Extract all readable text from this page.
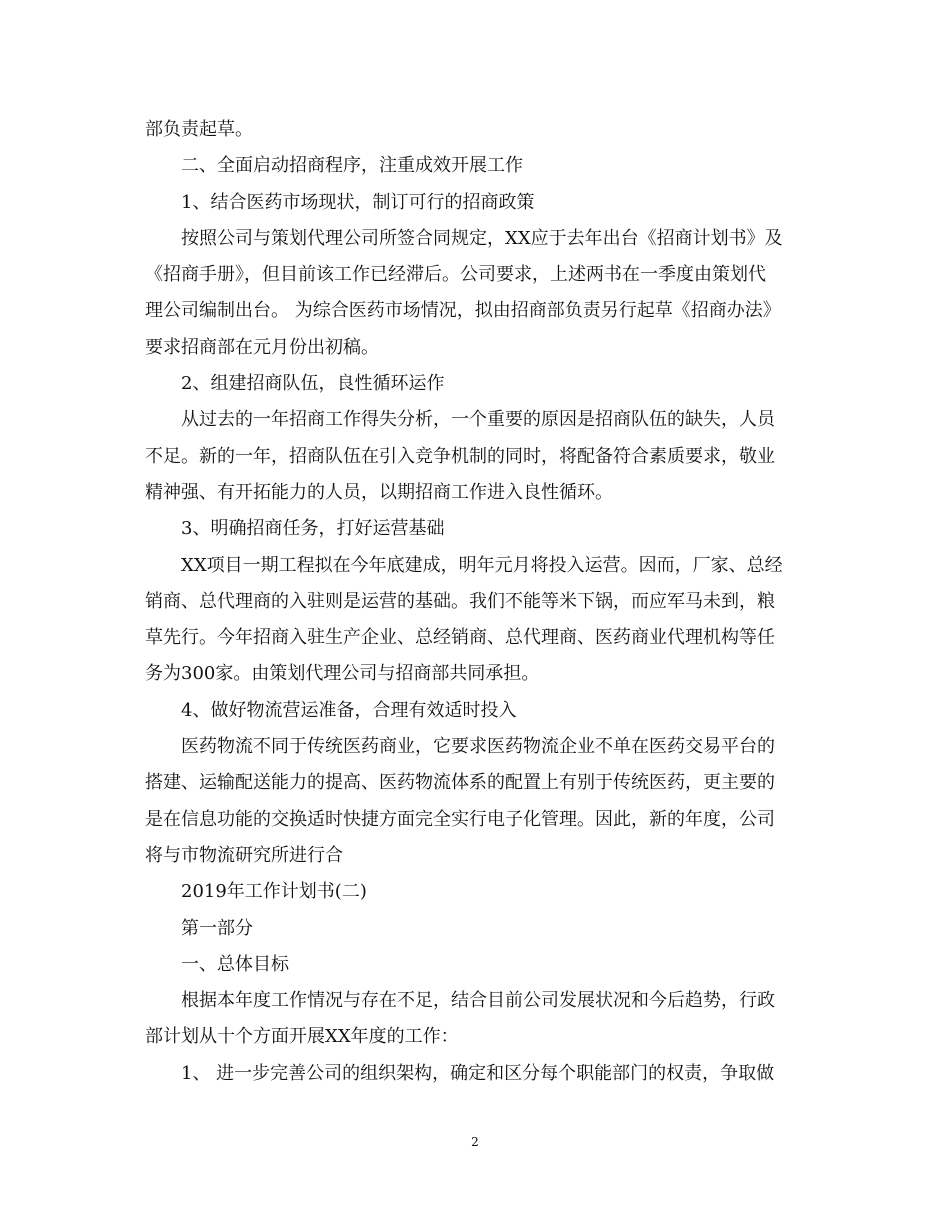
部负责起草。
二、全面启动招商程序，注重成效开展工作
1、结合医药市场现状，制订可行的招商政策
按照公司与策划代理公司所签合同规定，XX应于去年出台《招商计划书》及
《招商手册》，但目前该工作已经滞后。公司要求，上述两书在一季度由策划代
理公司编制出台。 为综合医药市场情况，拟由招商部负责另行起草《招商办法》
要求招商部在元月份出初稿。
2、组建招商队伍，良性循环运作
从过去的一年招商工作得失分析，一个重要的原因是招商队伍的缺失，人员
不足。新的一年，招商队伍在引入竞争机制的同时，将配备符合素质要求，敬业
精神强、有开拓能力的人员，以期招商工作进入良性循环。
3、明确招商任务，打好运营基础
XX项目一期工程拟在今年底建成，明年元月将投入运营。因而，厂家、总经
销商、总代理商的入驻则是运营的基础。我们不能等米下锅，而应军马未到，粮
草先行。今年招商入驻生产企业、总经销商、总代理商、医药商业代理机构等任
务为300家。由策划代理公司与招商部共同承担。
4、做好物流营运准备，合理有效适时投入
医药物流不同于传统医药商业，它要求医药物流企业不单在医药交易平台的
搭建、运输配送能力的提高、医药物流体系的配置上有别于传统医药，更主要的
是在信息功能的交换适时快捷方面完全实行电子化管理。因此，新的年度，公司
将与市物流研究所进行合
2019年工作计划书(二)
第一部分
一、总体目标
根据本年度工作情况与存在不足，结合目前公司发展状况和今后趋势，行政
部计划从十个方面开展XX年度的工作：
1、 进一步完善公司的组织架构，确定和区分每个职能部门的权责，争取做
2
